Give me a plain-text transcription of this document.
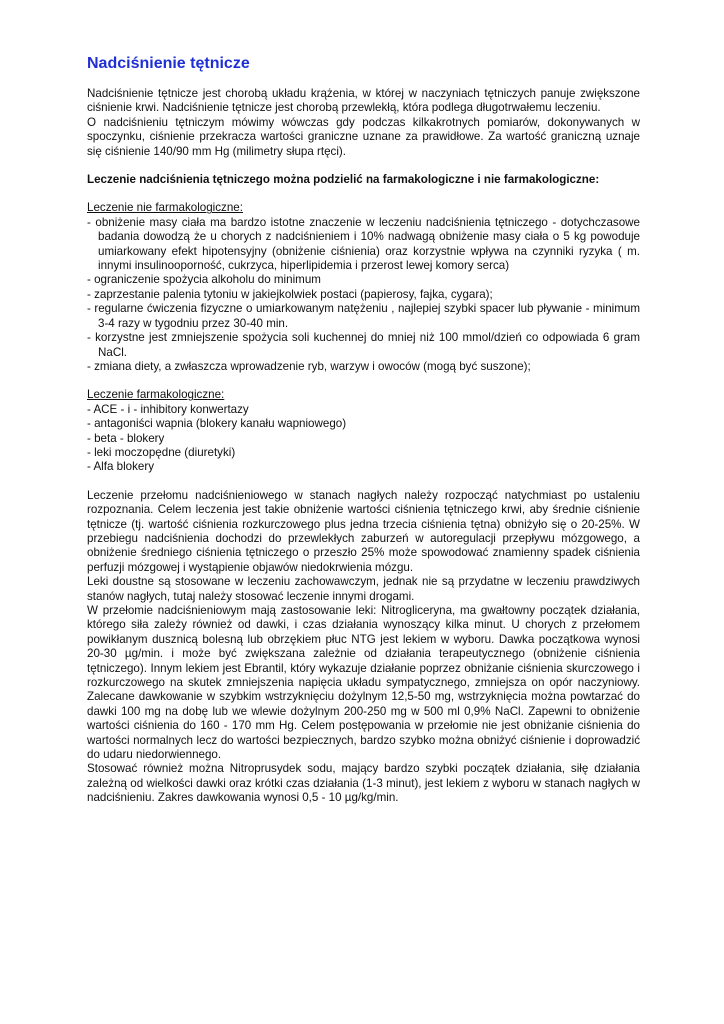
Nadciśnienie tętnicze

Nadciśnienie tętnicze jest chorobą układu krążenia, w której w naczyniach tętniczych panuje zwiększone ciśnienie krwi. Nadciśnienie tętnicze jest chorobą przewlekłą, która podlega długotrwałemu leczeniu.

O nadciśnieniu tętniczym mówimy wówczas gdy podczas kilkakrotnych pomiarów, dokonywanych w spoczynku, ciśnienie przekracza wartości graniczne uznane za prawidłowe. Za wartość graniczną uznaje się ciśnienie 140/90 mm Hg (milimetry słupa rtęci).

Leczenie nadciśnienia tętniczego można podzielić na farmakologiczne i nie farmakologiczne:

Leczenie nie farmakologiczne:

- obniżenie masy ciała ma bardzo istotne znaczenie w leczeniu nadciśnienia tętniczego - dotychczasowe badania dowodzą że u chorych z nadciśnieniem i 10% nadwagą obniżenie masy ciała o 5 kg powoduje umiarkowany efekt hipotensyjny (obniżenie ciśnienia) oraz korzystnie wpływa na czynniki ryzyka ( m. innymi insulinooporność, cukrzyca, hiperlipidemia i przerost lewej komory serca)

- ograniczenie spożycia alkoholu do minimum

- zaprzestanie palenia tytoniu w jakiejkolwiek postaci (papierosy, fajka, cygara);

- regularne ćwiczenia fizyczne o umiarkowanym natężeniu , najlepiej szybki spacer lub pływanie - minimum 3-4 razy w tygodniu przez 30-40 min.

- korzystne jest zmniejszenie spożycia soli kuchennej do mniej niż 100 mmol/dzień co odpowiada 6 gram NaCl.

- zmiana diety, a zwłaszcza wprowadzenie ryb, warzyw i owoców (mogą być suszone);

Leczenie farmakologiczne:

- ACE - i - inhibitory konwertazy

- antagoniści wapnia (blokery kanału wapniowego)

- beta - blokery

- leki moczopędne (diuretyki)

- Alfa blokery

Leczenie przełomu nadciśnieniowego w stanach nagłych należy rozpocząć natychmiast po ustaleniu rozpoznania. Celem leczenia jest takie obniżenie wartości ciśnienia tętniczego krwi, aby średnie ciśnienie tętnicze (tj. wartość ciśnienia rozkurczowego plus jedna trzecia ciśnienia tętna) obniżyło się o 20-25%. W przebiegu nadciśnienia dochodzi do przewlekłych zaburzeń w autoregulacji przepływu mózgowego, a obniżenie średniego ciśnienia tętniczego o przeszło 25% może spowodować znamienny spadek ciśnienia perfuzji mózgowej i wystąpienie objawów niedokrwienia mózgu.

Leki doustne są stosowane w leczeniu zachowawczym, jednak nie są przydatne w leczeniu prawdziwych stanów nagłych, tutaj należy stosować leczenie innymi drogami.

W przełomie nadciśnieniowym mają zastosowanie leki: Nitrogliceryna, ma gwałtowny początek działania, którego siła zależy również od dawki, i czas działania wynoszący kilka minut. U chorych z przełomem powikłanym dusznicą bolesną lub obrzękiem płuc NTG jest lekiem w wyboru. Dawka początkowa wynosi 20-30 µg/min. i może być zwiększana zależnie od działania terapeutycznego (obniżenie ciśnienia tętniczego). Innym lekiem jest Ebrantil, który wykazuje działanie poprzez obniżanie ciśnienia skurczowego i rozkurczowego na skutek zmniejszenia napięcia układu sympatycznego, zmniejsza on opór naczyniowy. Zalecane dawkowanie w szybkim wstrzyknięciu dożylnym 12,5-50 mg, wstrzyknięcia można powtarzać do dawki 100 mg na dobę lub we wlewie dożylnym 200-250 mg w 500 ml 0,9% NaCl. Zapewni to obniżenie wartości ciśnienia do 160 - 170 mm Hg. Celem postępowania w przełomie nie jest obniżanie ciśnienia do wartości normalnych lecz do wartości bezpiecznych, bardzo szybko można obniżyć ciśnienie i doprowadzić do udaru niedorwiennego.

Stosować również można Nitroprusydek sodu, mający bardzo szybki początek działania, siłę działania zależną od wielkości dawki oraz krótki czas działania (1-3 minut), jest lekiem z wyboru w stanach nagłych w nadciśnieniu. Zakres dawkowania wynosi 0,5 - 10 µg/kg/min.
